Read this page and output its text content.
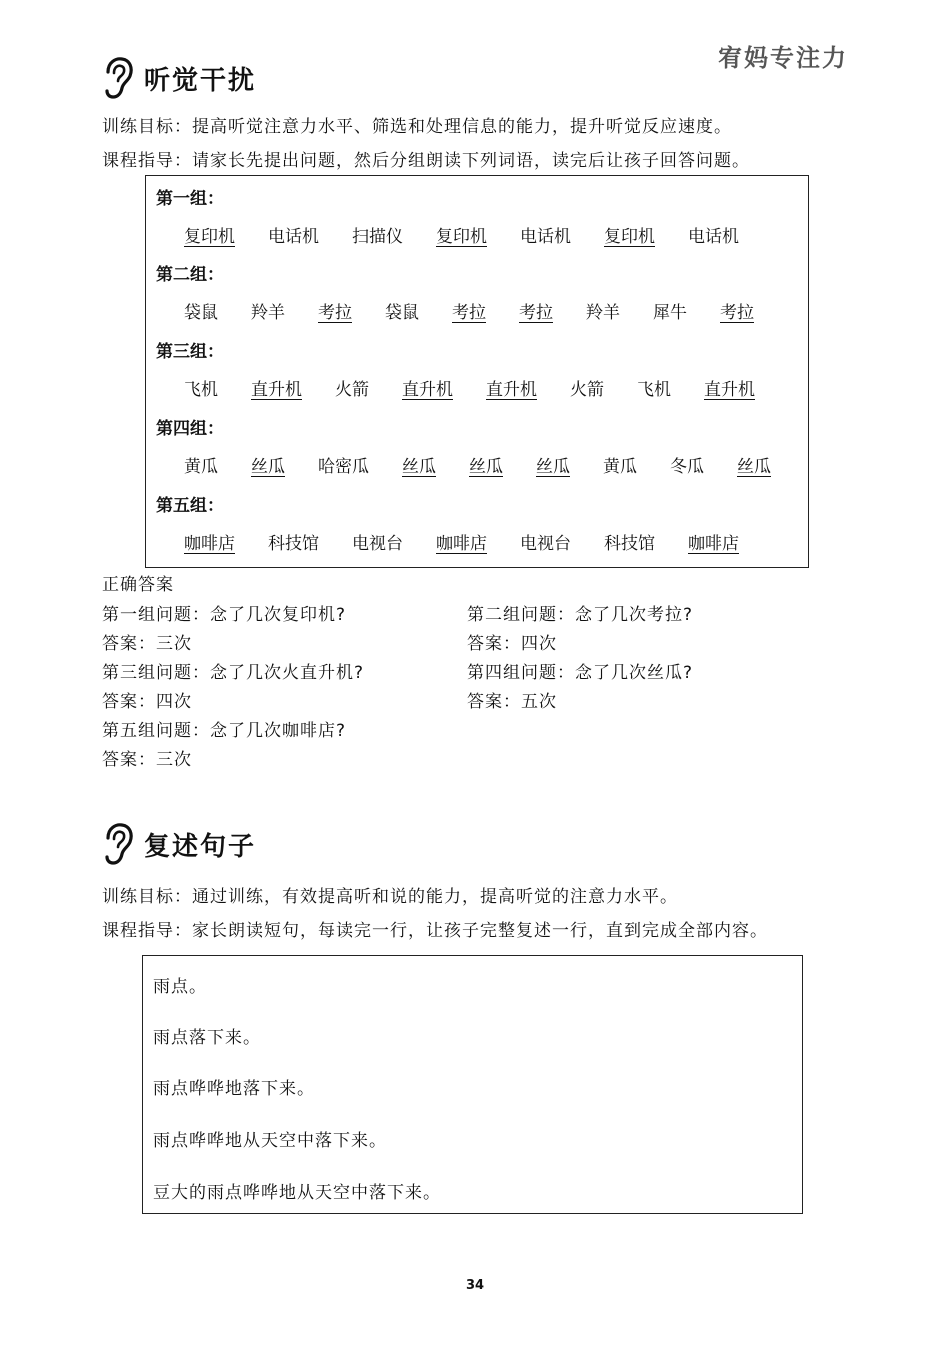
宥妈专注力
听觉干扰
训练目标：提高听觉注意力水平、筛选和处理信息的能力，提升听觉反应速度。
课程指导：请家长先提出问题，然后分组朗读下列词语，读完后让孩子回答问题。
第一组：
复印机 电话机 扫描仪 复印机 电话机 复印机 电话机
第二组：
袋鼠 羚羊 考拉 袋鼠 考拉 考拉 羚羊 犀牛 考拉
第三组：
飞机 直升机 火箭 直升机 直升机 火箭 飞机 直升机
第四组：
黄瓜 丝瓜 哈密瓜 丝瓜 丝瓜 丝瓜 黄瓜 冬瓜 丝瓜
第五组：
咖啡店 科技馆 电视台 咖啡店 电视台 科技馆 咖啡店
正确答案
第一组问题：念了几次复印机?	第二组问题：念了几次考拉?
答案：三次	答案：四次
第三组问题：念了几次火直升机?	第四组问题：念了几次丝瓜?
答案：四次	答案：五次
第五组问题：念了几次咖啡店?
答案：三次
复述句子
训练目标：通过训练，有效提高听和说的能力，提高听觉的注意力水平。
课程指导：家长朗读短句，每读完一行，让孩子完整复述一行，直到完成全部内容。
雨点。
雨点落下来。
雨点哗哗地落下来。
雨点哗哗地从天空中落下来。
豆大的雨点哗哗地从天空中落下来。
34
